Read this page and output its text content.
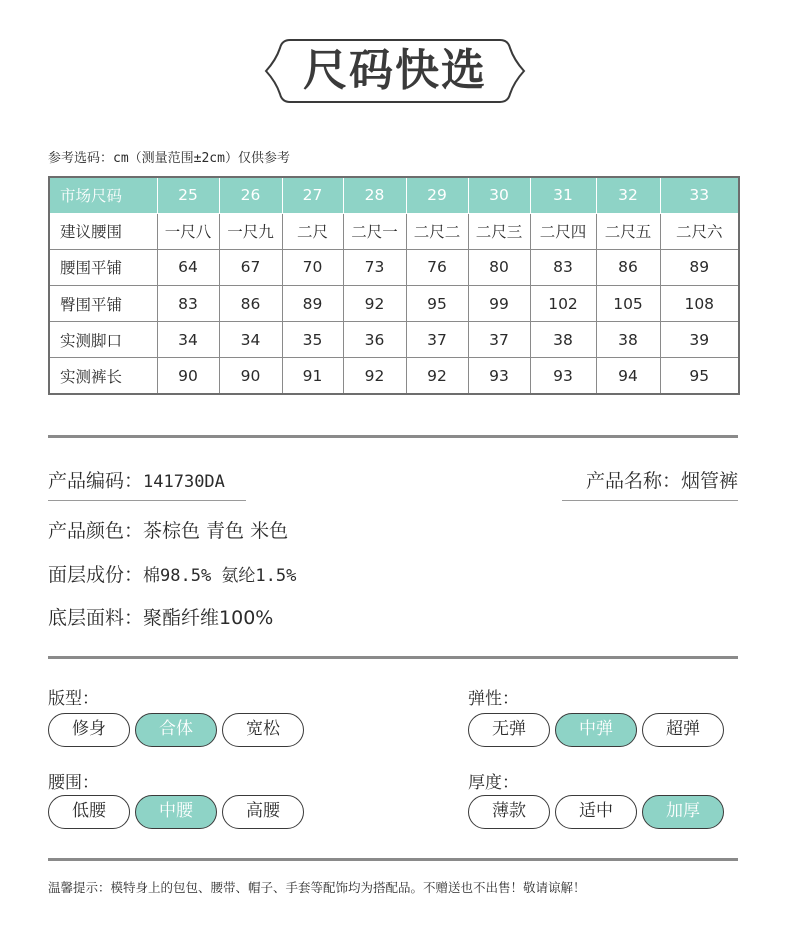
尺码快选
参考选码：cm（测量范围±2cm）仅供参考
市场尺码	25	26	27	28	29	30	31	32	33
建议腰围	一尺八	一尺九	二尺	二尺一	二尺二	二尺三	二尺四	二尺五	二尺六
腰围平铺	64	67	70	73	76	80	83	86	89
臀围平铺	83	86	89	92	95	99	102	105	108
实测脚口	34	34	35	36	37	37	38	38	39
实测裤长	90	90	91	92	92	93	93	94	95
产品编码：141730DA	产品名称：烟管裤
产品颜色：茶棕色 青色 米色
面层成份：棉98.5% 氨纶1.5%
底层面料：聚酯纤维100%
版型：	弹性：
腰围：	厚度：
温馨提示：模特身上的包包、腰带、帽子、手套等配饰均为搭配品。不赠送也不出售！敬请谅解！
修身	合体	宽松	无弹	中弹	超弹
低腰	中腰	高腰	薄款	适中	加厚
